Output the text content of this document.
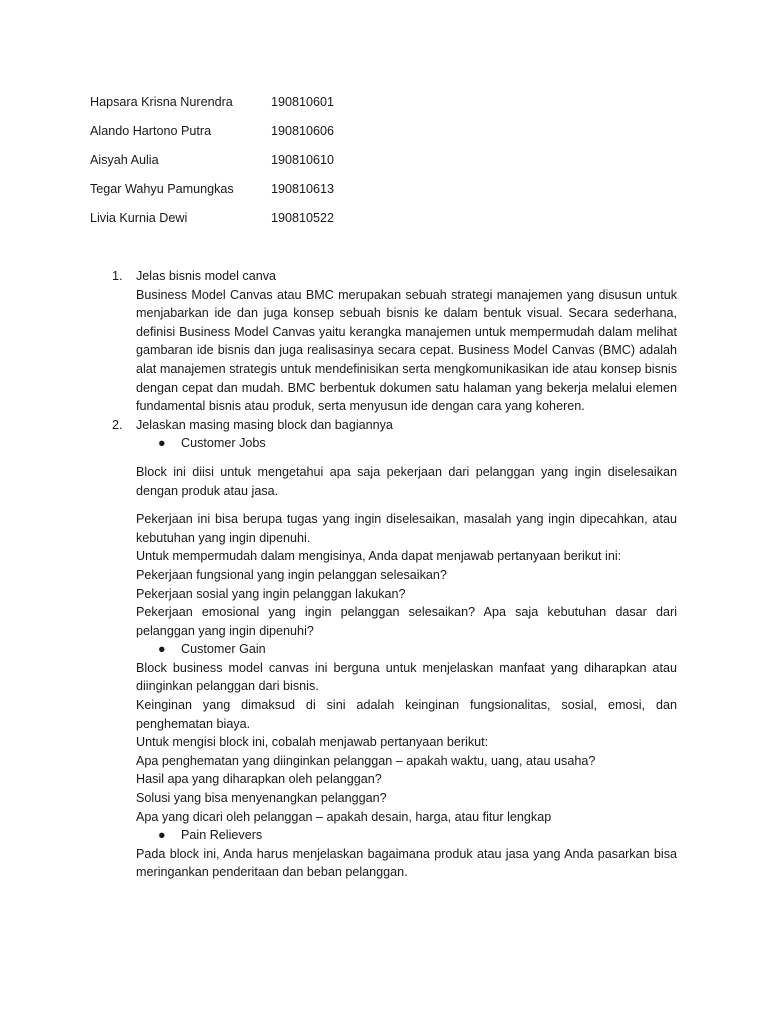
Hapsara Krisna Nurendra	190810601
Alando Hartono Putra	190810606
Aisyah Aulia	190810610
Tegar Wahyu Pamungkas	190810613
Livia Kurnia Dewi	190810522
1. Jelas bisnis model canva

Business Model Canvas atau BMC merupakan sebuah strategi manajemen yang disusun untuk menjabarkan ide dan juga konsep sebuah bisnis ke dalam bentuk visual. Secara sederhana, definisi Business Model Canvas yaitu kerangka manajemen untuk mempermudah dalam melihat gambaran ide bisnis dan juga realisasinya secara cepat. Business Model Canvas (BMC) adalah alat manajemen strategis untuk mendefinisikan serta mengkomunikasikan ide atau konsep bisnis dengan cepat dan mudah. BMC berbentuk dokumen satu halaman yang bekerja melalui elemen fundamental bisnis atau produk, serta menyusun ide dengan cara yang koheren.

2. Jelaskan masing masing block dan bagiannya

● Customer Jobs

Block ini diisi untuk mengetahui apa saja pekerjaan dari pelanggan yang ingin diselesaikan dengan produk atau jasa.

Pekerjaan ini bisa berupa tugas yang ingin diselesaikan, masalah yang ingin dipecahkan, atau kebutuhan yang ingin dipenuhi.

Untuk mempermudah dalam mengisinya, Anda dapat menjawab pertanyaan berikut ini:

Pekerjaan fungsional yang ingin pelanggan selesaikan?

Pekerjaan sosial yang ingin pelanggan lakukan?

Pekerjaan emosional yang ingin pelanggan selesaikan? Apa saja kebutuhan dasar dari pelanggan yang ingin dipenuhi?

● Customer Gain

Block business model canvas ini berguna untuk menjelaskan manfaat yang diharapkan atau diinginkan pelanggan dari bisnis.

Keinginan yang dimaksud di sini adalah keinginan fungsionalitas, sosial, emosi, dan penghematan biaya.

Untuk mengisi block ini, cobalah menjawab pertanyaan berikut:

Apa penghematan yang diinginkan pelanggan – apakah waktu, uang, atau usaha?

Hasil apa yang diharapkan oleh pelanggan?

Solusi yang bisa menyenangkan pelanggan?

Apa yang dicari oleh pelanggan – apakah desain, harga, atau fitur lengkap

● Pain Relievers

Pada block ini, Anda harus menjelaskan bagaimana produk atau jasa yang Anda pasarkan bisa meringankan penderitaan dan beban pelanggan.
